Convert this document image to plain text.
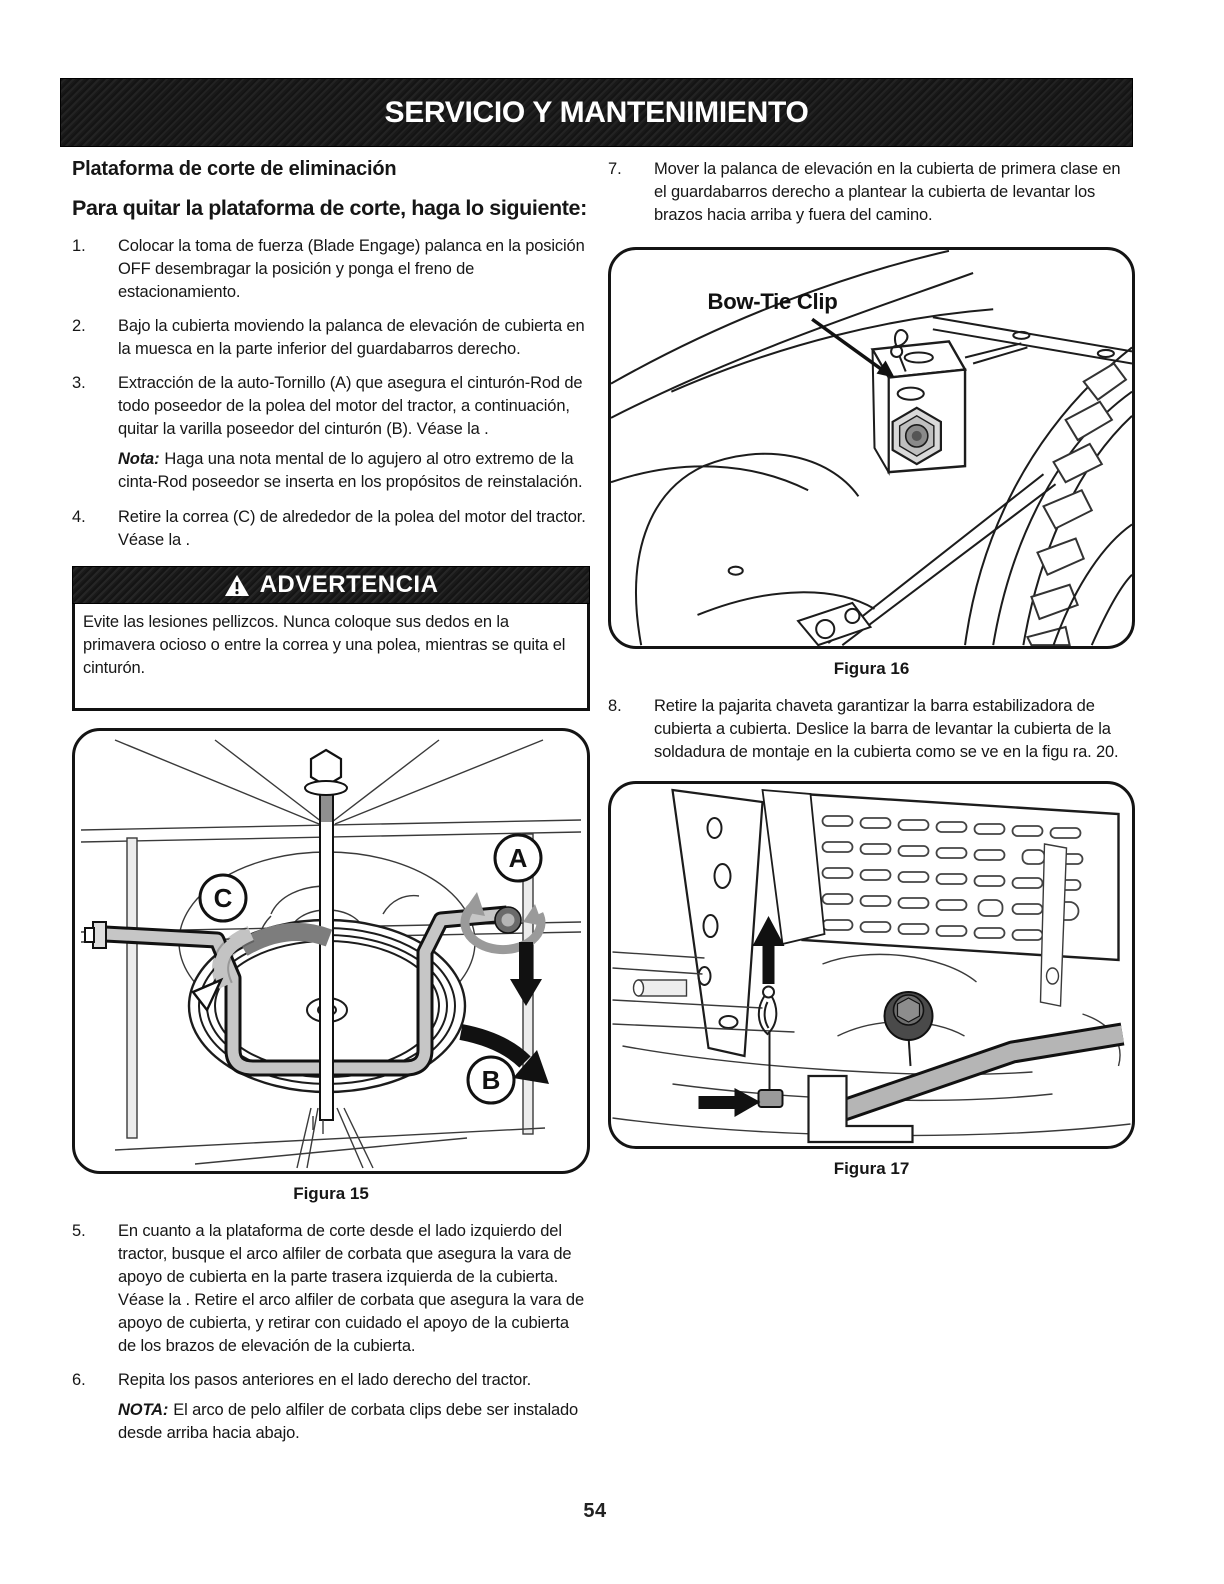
SERVICIO Y MANTENIMIENTO
Plataforma de corte de eliminación
Para quitar la plataforma de corte, haga lo siguiente:
1.	Colocar la toma de fuerza (Blade Engage) palanca en la posición OFF desembragar la posición y ponga el freno de estacionamiento.
2.	Bajo la cubierta moviendo la palanca de elevación de cubierta en la muesca en la parte inferior del guardabarros derecho.
3.	Extracción de la auto-Tornillo (A) que asegura el cinturón-Rod de todo poseedor de la polea del motor del tractor, a continuación, quitar la varilla poseedor del cinturón (B). Véase la .

Nota: Haga una nota mental de lo agujero al otro extremo de la cinta-Rod poseedor se inserta en los propósitos de reinstalación.

4.	Retire la correa (C) de alrededor de la polea del motor del tractor. Véase la .
ADVERTENCIA
Evite las lesiones pellizcos. Nunca coloque sus dedos en la primavera ocioso o entre la correa y una polea, mientras se quita el cinturón.
C
A
B
Figura 15
5.	En cuanto a la plataforma de corte desde el lado izquierdo del tractor, busque el arco alfiler de corbata que asegura la vara de apoyo de cubierta en la parte trasera izquierda de la cubierta. Véase la . Retire el arco alfiler de corbata que asegura la vara de apoyo de cubierta, y retirar con cuidado el apoyo de la cubierta de los brazos de elevación de la cubierta.
6.	Repita los pasos anteriores en el lado derecho del tractor.

NOTA: El arco de pelo alfiler de corbata clips debe ser instalado desde arriba hacia abajo.

7.	Mover la palanca de elevación en la cubierta de primera clase en el guardabarros derecho a plantear la cubierta de levantar los brazos hacia arriba y fuera del camino.
Bow-Tie Clip
Figura 16
8.	Retire la pajarita chaveta garantizar la barra estabilizadora de cubierta a cubierta. Deslice la barra de levantar la cubierta de la soldadura de montaje en la cubierta como se ve en la figu ra. 20.
Figura 17
54
